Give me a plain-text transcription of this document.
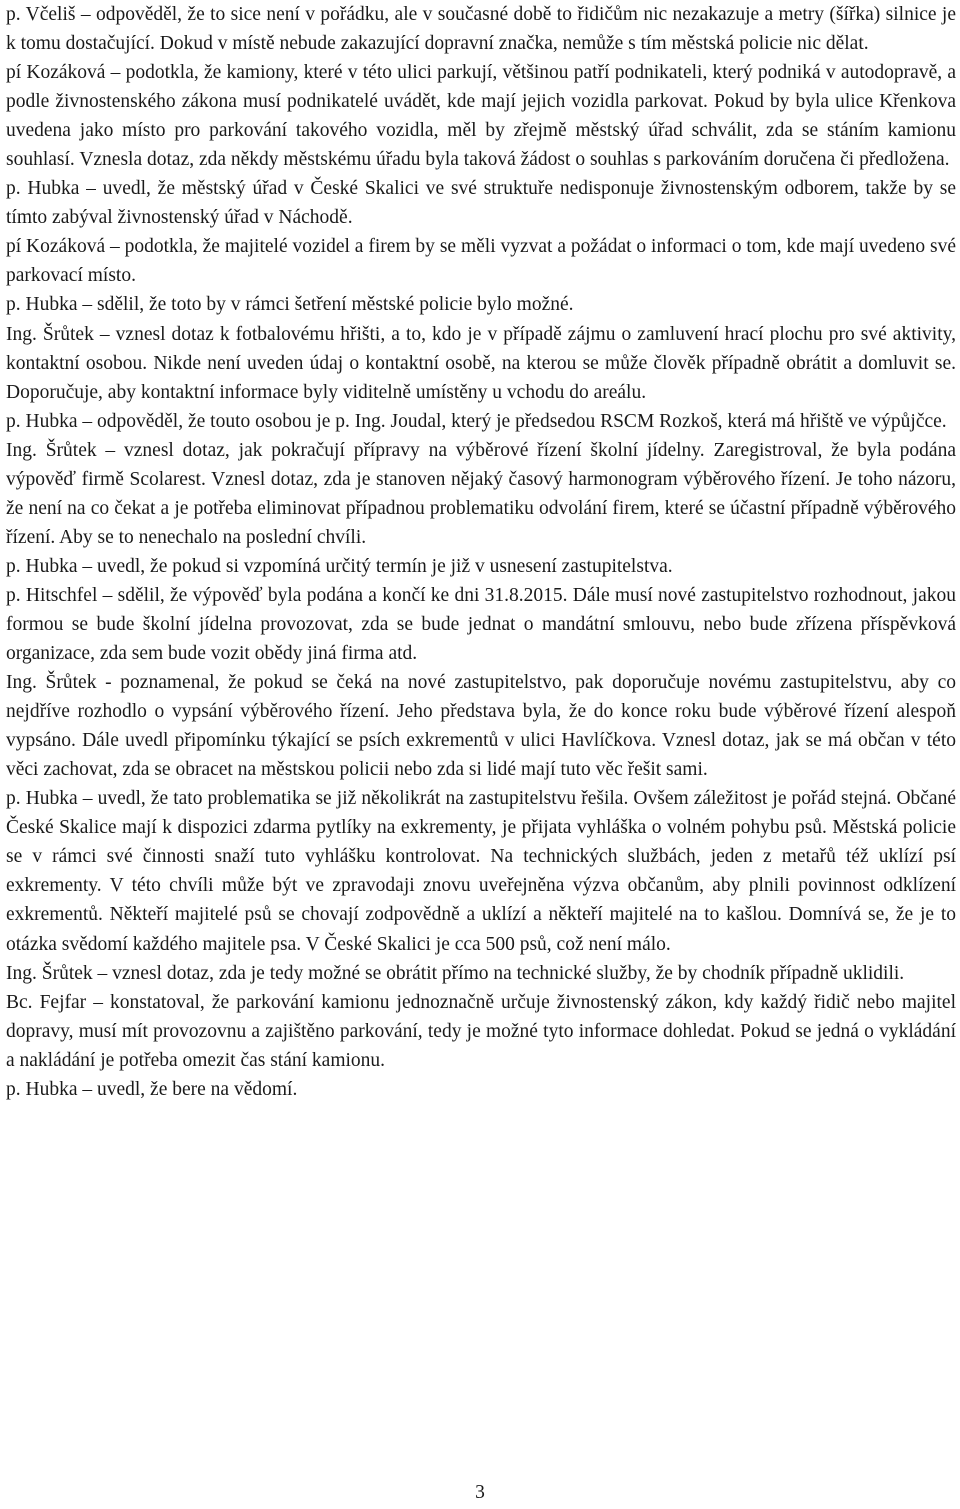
p. Včeliš – odpověděl, že to sice není v pořádku, ale v současné době to řidičům nic nezakazuje a metry (šířka) silnice je k tomu dostačující. Dokud v místě nebude zakazující dopravní značka, nemůže s tím městská policie nic dělat.

pí Kozáková – podotkla, že kamiony, které v této ulici parkují, většinou patří podnikateli, který podniká v autodopravě, a podle živnostenského zákona musí podnikatelé uvádět, kde mají jejich vozidla parkovat. Pokud by byla ulice Křenkova uvedena jako místo pro parkování takového vozidla, měl by zřejmě městský úřad schválit, zda se stáním kamionu souhlasí. Vznesla dotaz, zda někdy městskému úřadu byla taková žádost o souhlas s parkováním doručena či předložena.

p. Hubka – uvedl, že městský úřad v České Skalici ve své struktuře nedisponuje živnostenským odborem, takže by se tímto zabýval živnostenský úřad v Náchodě.

pí Kozáková – podotkla, že majitelé vozidel a firem by se měli vyzvat a požádat o informaci o tom, kde mají uvedeno své parkovací místo.

p. Hubka – sdělil, že toto by v rámci šetření městské policie bylo možné.

Ing. Šrůtek – vznesl dotaz k fotbalovému hřišti, a to, kdo je v případě zájmu o zamluvení hrací plochu pro své aktivity, kontaktní osobou. Nikde není uveden údaj o kontaktní osobě, na kterou se může člověk případně obrátit a domluvit se. Doporučuje, aby kontaktní informace byly viditelně umístěny u vchodu do areálu.

p. Hubka – odpověděl, že touto osobou je p. Ing. Joudal, který je předsedou RSCM Rozkoš, která má hřiště ve výpůjčce.

Ing. Šrůtek – vznesl dotaz, jak pokračují přípravy na výběrové řízení školní jídelny. Zaregistroval, že byla podána výpověď firmě Scolarest. Vznesl dotaz, zda je stanoven nějaký časový harmonogram výběrového řízení. Je toho názoru, že není na co čekat a je potřeba eliminovat případnou problematiku odvolání firem, které se účastní případně výběrového řízení. Aby se to nenechalo na poslední chvíli.

p. Hubka – uvedl, že pokud si vzpomíná určitý termín je již v usnesení zastupitelstva.

p. Hitschfel – sdělil, že výpověď byla podána a končí ke dni 31.8.2015. Dále musí nové zastupitelstvo rozhodnout, jakou formou se bude školní jídelna provozovat, zda se bude jednat o mandátní smlouvu, nebo bude zřízena příspěvková organizace, zda sem bude vozit obědy jiná firma atd.

Ing. Šrůtek - poznamenal, že pokud se čeká na nové zastupitelstvo, pak doporučuje novému zastupitelstvu, aby co nejdříve rozhodlo o vypsání výběrového řízení. Jeho představa byla, že do konce roku bude výběrové řízení alespoň vypsáno. Dále uvedl připomínku týkající se psích exkrementů v ulici Havlíčkova. Vznesl dotaz, jak se má občan v této věci zachovat, zda se obracet na městskou policii nebo zda si lidé mají tuto věc řešit sami.

p. Hubka – uvedl, že tato problematika se již několikrát na zastupitelstvu řešila. Ovšem záležitost je pořád stejná. Občané České Skalice mají k dispozici zdarma pytlíky na exkrementy, je přijata vyhláška o volném pohybu psů. Městská policie se v rámci své činnosti snaží tuto vyhlášku kontrolovat. Na technických službách, jeden z metařů též uklízí psí exkrementy. V této chvíli může být ve zpravodaji znovu uveřejněna výzva občanům, aby plnili povinnost odklízení exkrementů. Někteří majitelé psů se chovají zodpovědně a uklízí a někteří majitelé na to kašlou. Domnívá se, že je to otázka svědomí každého majitele psa. V České Skalici je cca 500 psů, což není málo.

Ing. Šrůtek – vznesl dotaz, zda je tedy možné se obrátit přímo na technické služby, že by chodník případně uklidili.

Bc. Fejfar – konstatoval, že parkování kamionu jednoznačně určuje živnostenský zákon, kdy každý řidič nebo majitel dopravy, musí mít provozovnu a zajištěno parkování, tedy je možné tyto informace dohledat. Pokud se jedná o vykládání a nakládání je potřeba omezit čas stání kamionu.

p. Hubka – uvedl, že bere na vědomí.

3
